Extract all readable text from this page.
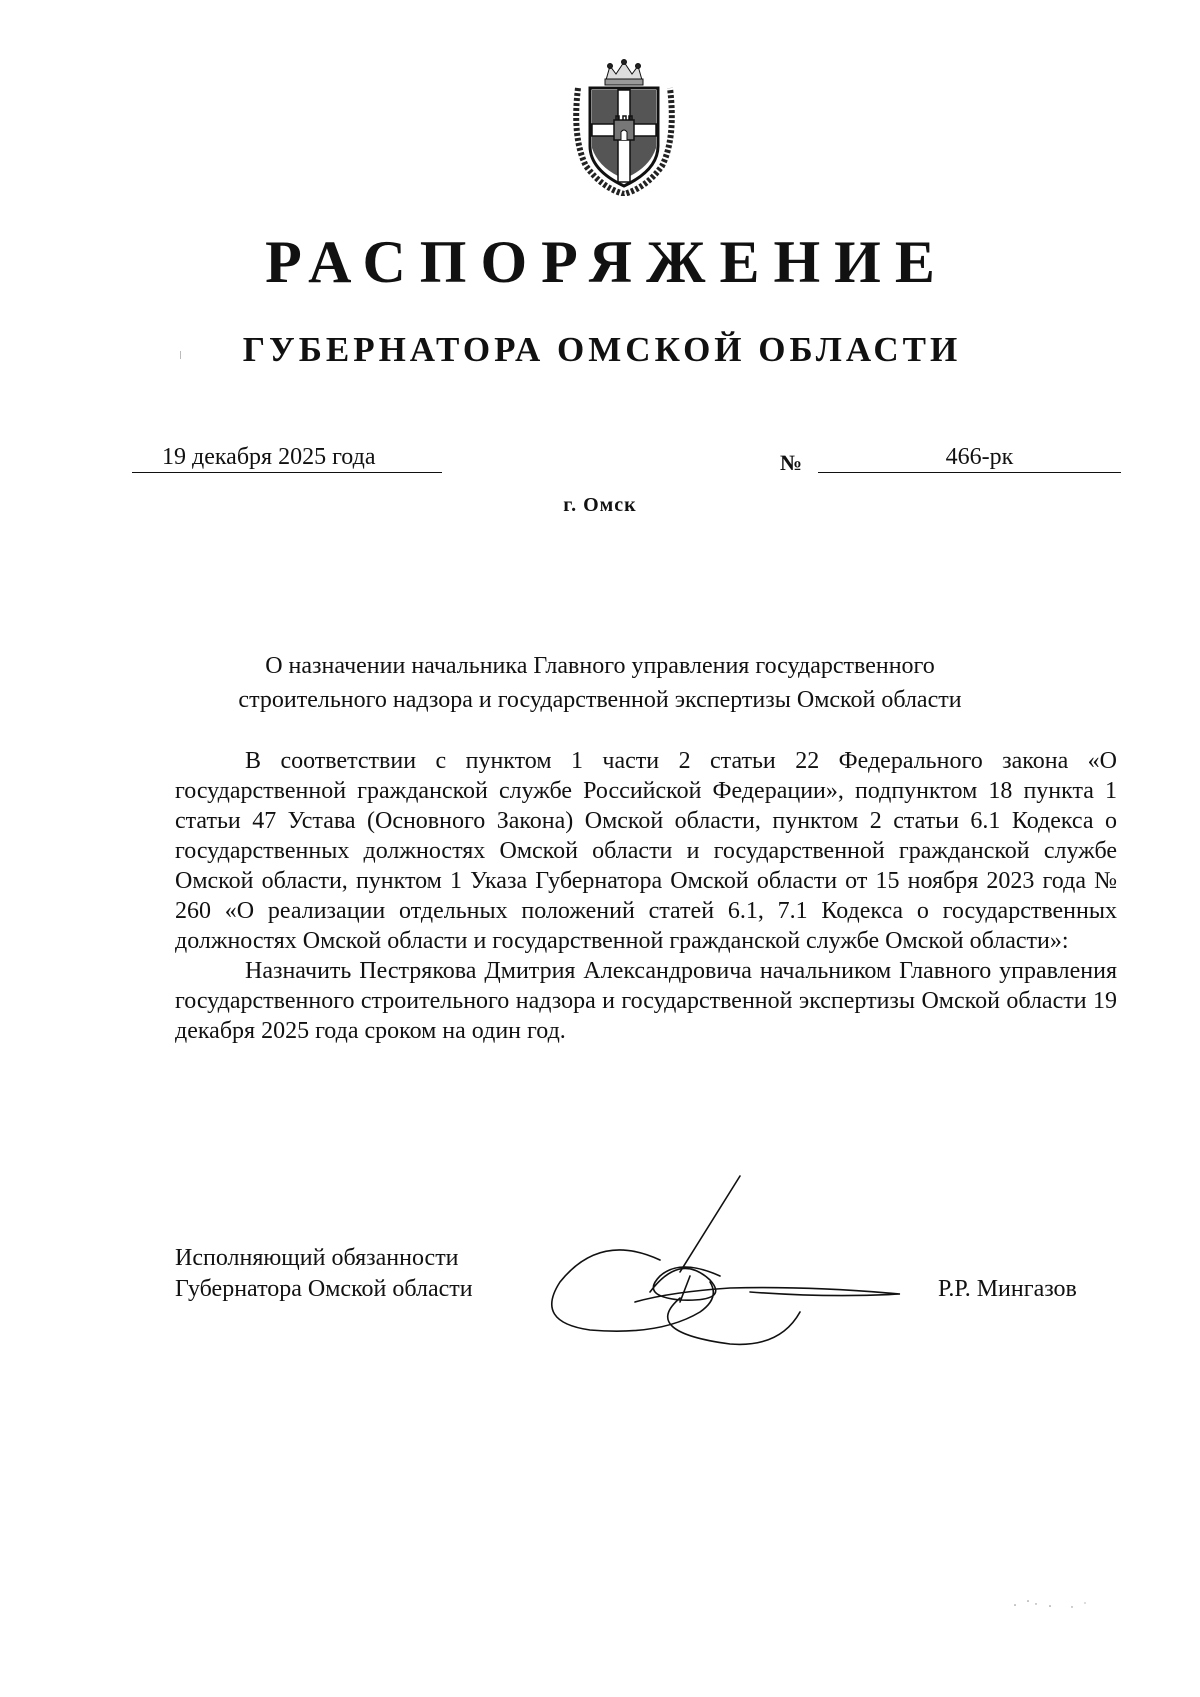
РАСПОРЯЖЕНИЕ
ГУБЕРНАТОРА ОМСКОЙ ОБЛАСТИ
19 декабря 2025 года	№	466-рк
г. Омск
О назначении начальника Главного управления государственного
строительного надзора и государственной экспертизы Омской области

В соответствии с пунктом 1 части 2 статьи 22 Федерального закона «О государственной гражданской службе Российской Федерации», подпунктом 18 пункта 1 статьи 47 Устава (Основного Закона) Омской области, пунктом 2 статьи 6.1 Кодекса о государственных должностях Омской области и государственной гражданской службе Омской области, пунктом 1 Указа Губернатора Омской области от 15 ноября 2023 года № 260 «О реализации отдельных положений статей 6.1, 7.1 Кодекса о государственных должностях Омской области и государственной гражданской службе Омской области»:

Назначить Пестрякова Дмитрия Александровича начальником Главного управления государственного строительного надзора и государственной экспертизы Омской области 19 декабря 2025 года сроком на один год.

Исполняющий обязанности
Губернатора Омской области	Р.Р. Мингазов
